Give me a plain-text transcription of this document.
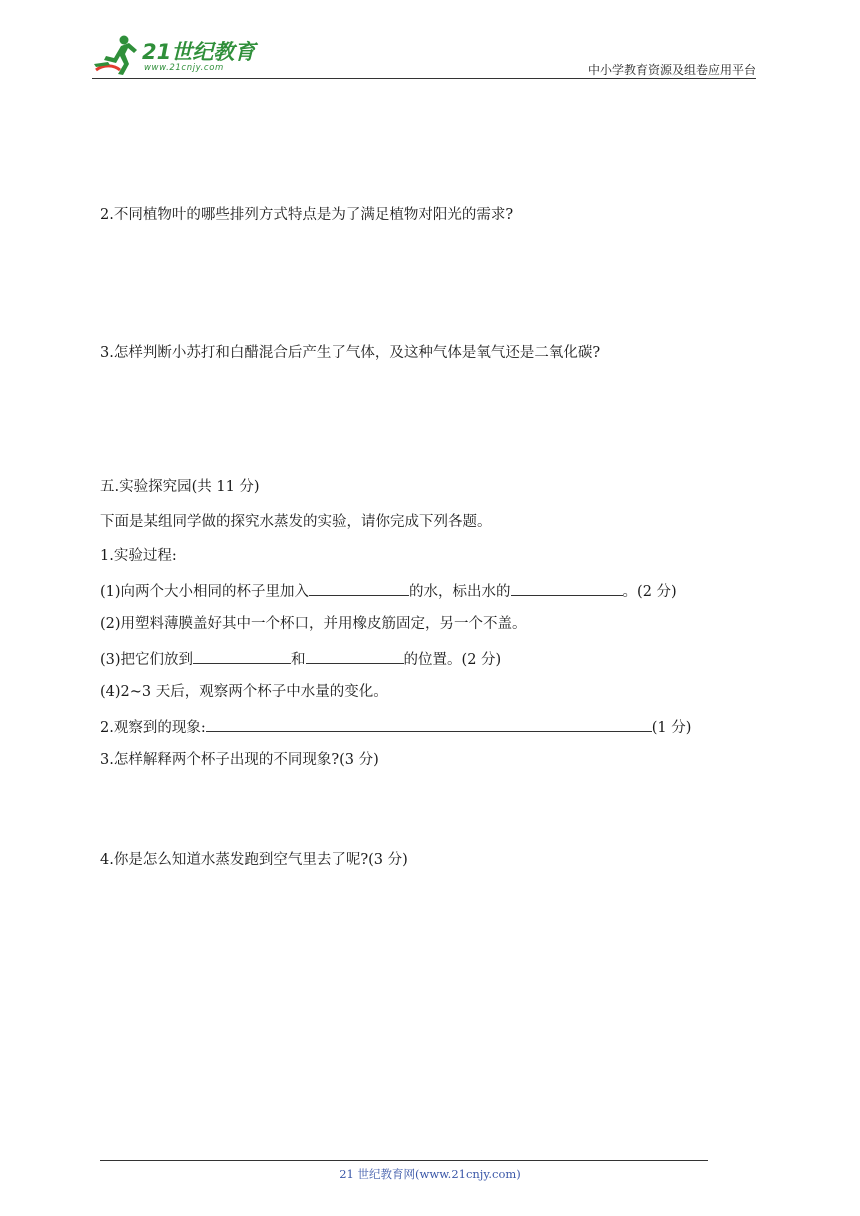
21世纪教育
www.21cnjy.com	中小学教育资源及组卷应用平台
2.不同植物叶的哪些排列方式特点是为了满足植物对阳光的需求?
3.怎样判断小苏打和白醋混合后产生了气体，及这种气体是氧气还是二氧化碳?
五.实验探究园(共 11 分)
下面是某组同学做的探究水蒸发的实验，请你完成下列各题。
1.实验过程:
(1)向两个大小相同的杯子里加入	的水，标出水的	。(2 分)
(2)用塑料薄膜盖好其中一个杯口，并用橡皮筋固定，另一个不盖。
(3)把它们放到	和	的位置。(2 分)
(4)2~3 天后，观察两个杯子中水量的变化。
2.观察到的现象:	(1 分)
3.怎样解释两个杯子出现的不同现象?(3 分)
4.你是怎么知道水蒸发跑到空气里去了呢?(3 分)
21 世纪教育网(www.21cnjy.com)
